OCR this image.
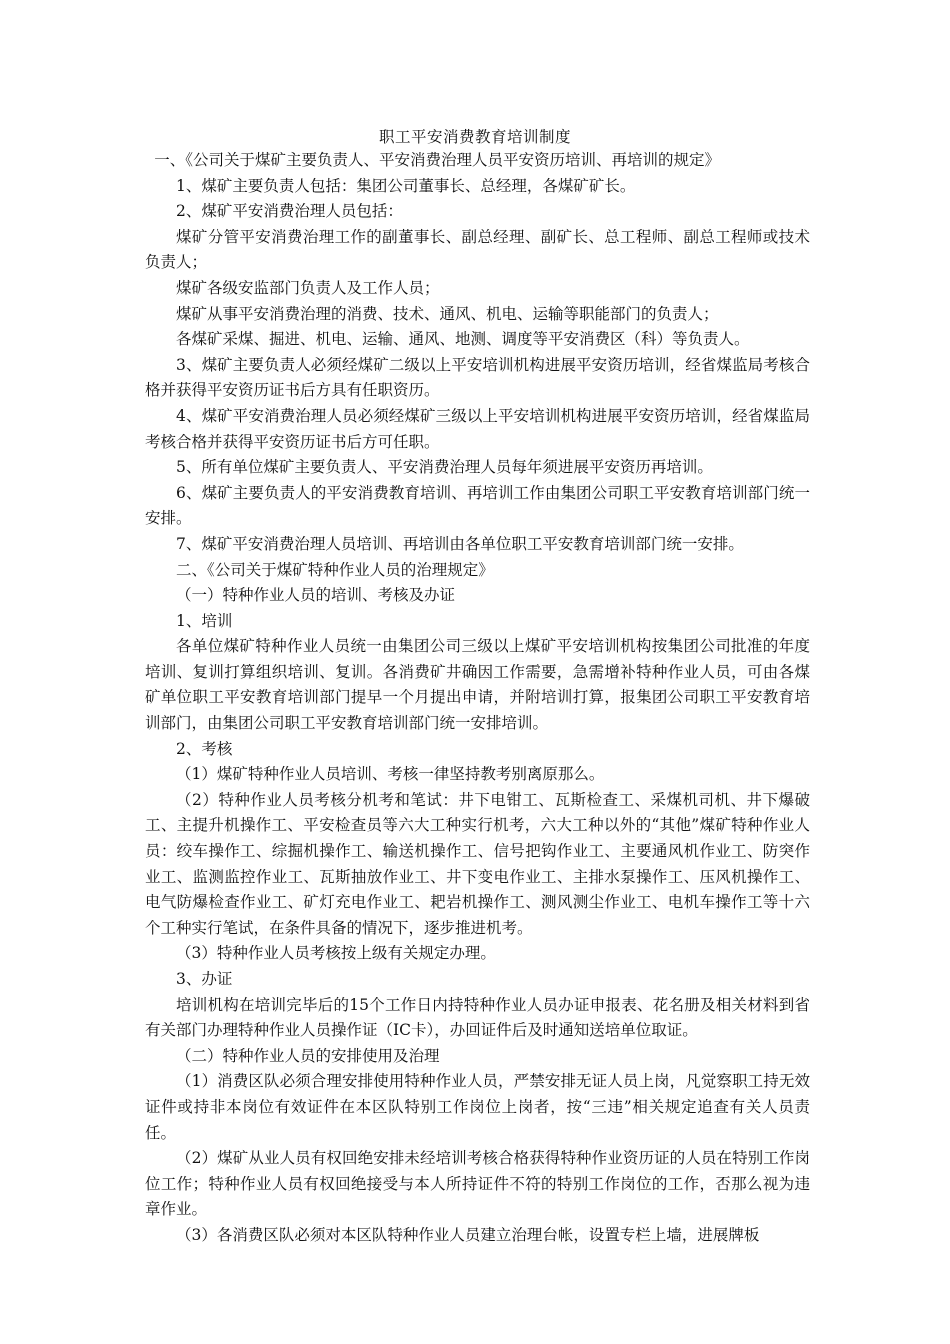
职工平安消费教育培训制度

一、《公司关于煤矿主要负责人、平安消费治理人员平安资历培训、再培训的规定》

1、煤矿主要负责人包括：集团公司董事长、总经理，各煤矿矿长。

2、煤矿平安消费治理人员包括：

煤矿分管平安消费治理工作的副董事长、副总经理、副矿长、总工程师、副总工程师或技术负责人；

煤矿各级安监部门负责人及工作人员；

煤矿从事平安消费治理的消费、技术、通风、机电、运输等职能部门的负责人；

各煤矿采煤、掘进、机电、运输、通风、地测、调度等平安消费区（科）等负责人。

3、煤矿主要负责人必须经煤矿二级以上平安培训机构进展平安资历培训，经省煤监局考核合格并获得平安资历证书后方具有任职资历。

4、煤矿平安消费治理人员必须经煤矿三级以上平安培训机构进展平安资历培训，经省煤监局考核合格并获得平安资历证书后方可任职。

5、所有单位煤矿主要负责人、平安消费治理人员每年须进展平安资历再培训。

6、煤矿主要负责人的平安消费教育培训、再培训工作由集团公司职工平安教育培训部门统一安排。

7、煤矿平安消费治理人员培训、再培训由各单位职工平安教育培训部门统一安排。

二、《公司关于煤矿特种作业人员的治理规定》

（一）特种作业人员的培训、考核及办证

1、培训

各单位煤矿特种作业人员统一由集团公司三级以上煤矿平安培训机构按集团公司批准的年度培训、复训打算组织培训、复训。各消费矿井确因工作需要，急需增补特种作业人员，可由各煤矿单位职工平安教育培训部门提早一个月提出申请，并附培训打算，报集团公司职工平安教育培训部门，由集团公司职工平安教育培训部门统一安排培训。

2、考核

（1）煤矿特种作业人员培训、考核一律坚持教考别离原那么。

（2）特种作业人员考核分机考和笔试：井下电钳工、瓦斯检查工、采煤机司机、井下爆破工、主提升机操作工、平安检查员等六大工种实行机考，六大工种以外的“其他”煤矿特种作业人员：绞车操作工、综掘机操作工、输送机操作工、信号把钩作业工、主要通风机作业工、防突作业工、监测监控作业工、瓦斯抽放作业工、井下变电作业工、主排水泵操作工、压风机操作工、电气防爆检查作业工、矿灯充电作业工、耙岩机操作工、测风测尘作业工、电机车操作工等十六个工种实行笔试，在条件具备的情况下，逐步推进机考。

（3）特种作业人员考核按上级有关规定办理。

3、办证

培训机构在培训完毕后的15个工作日内持特种作业人员办证申报表、花名册及相关材料到省有关部门办理特种作业人员操作证（IC卡），办回证件后及时通知送培单位取证。

（二）特种作业人员的安排使用及治理

（1）消费区队必须合理安排使用特种作业人员，严禁安排无证人员上岗，凡觉察职工持无效证件或持非本岗位有效证件在本区队特别工作岗位上岗者，按“三违”相关规定追查有关人员责任。

（2）煤矿从业人员有权回绝安排未经培训考核合格获得特种作业资历证的人员在特别工作岗位工作；特种作业人员有权回绝接受与本人所持证件不符的特别工作岗位的工作，否那么视为违章作业。

（3）各消费区队必须对本区队特种作业人员建立治理台帐，设置专栏上墙，进展牌板
